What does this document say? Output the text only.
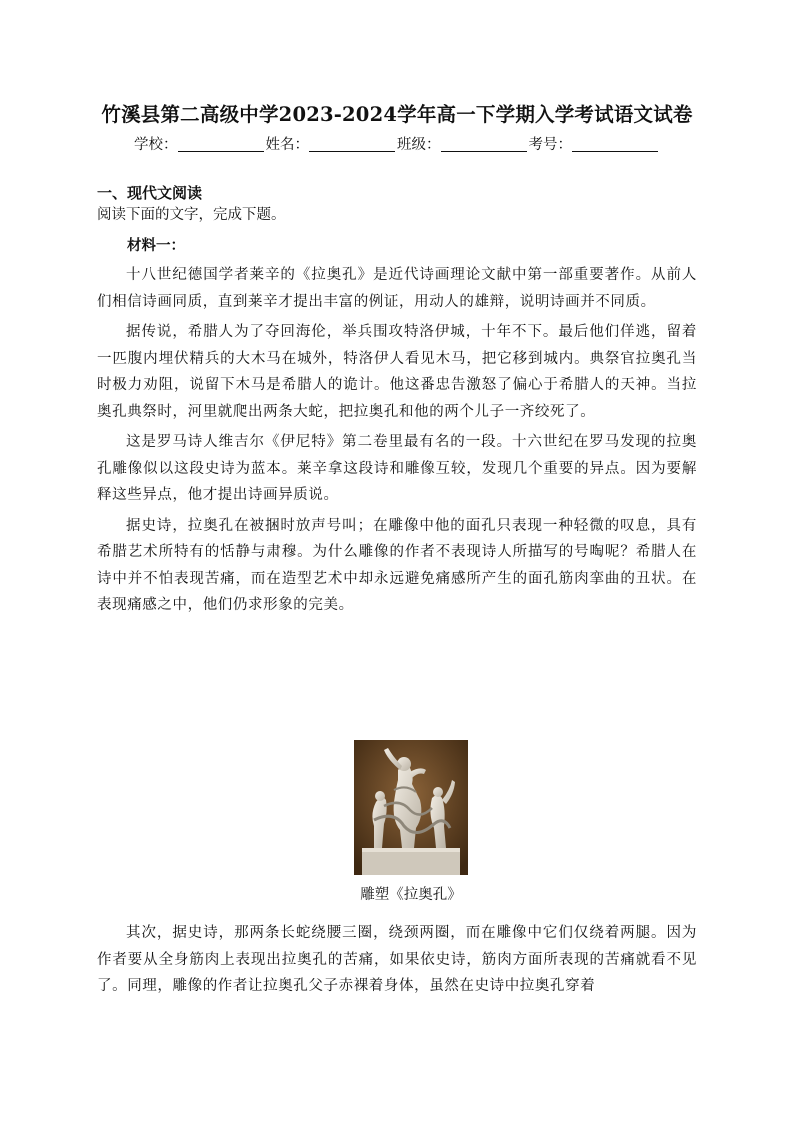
竹溪县第二高级中学2023-2024学年高一下学期入学考试语文试卷
学校：	姓名：	班级：	考号：
一、现代文阅读
阅读下面的文字，完成下题。
材料一：

十八世纪德国学者莱辛的《拉奥孔》是近代诗画理论文献中第一部重要著作。从前人们相信诗画同质，直到莱辛才提出丰富的例证，用动人的雄辩，说明诗画并不同质。

据传说，希腊人为了夺回海伦，举兵围攻特洛伊城，十年不下。最后他们佯逃，留着一匹腹内埋伏精兵的大木马在城外，特洛伊人看见木马，把它移到城内。典祭官拉奥孔当时极力劝阻，说留下木马是希腊人的诡计。他这番忠告激怒了偏心于希腊人的天神。当拉奥孔典祭时，河里就爬出两条大蛇，把拉奥孔和他的两个儿子一齐绞死了。

这是罗马诗人维吉尔《伊尼特》第二卷里最有名的一段。十六世纪在罗马发现的拉奥孔雕像似以这段史诗为蓝本。莱辛拿这段诗和雕像互较，发现几个重要的异点。因为要解释这些异点，他才提出诗画异质说。

据史诗，拉奥孔在被捆时放声号叫；在雕像中他的面孔只表现一种轻微的叹息，具有希腊艺术所特有的恬静与肃穆。为什么雕像的作者不表现诗人所描写的号啕呢？希腊人在诗中并不怕表现苦痛，而在造型艺术中却永远避免痛感所产生的面孔筋肉挛曲的丑状。在表现痛感之中，他们仍求形象的完美。

雕塑《拉奥孔》

其次，据史诗，那两条长蛇绕腰三圈，绕颈两圈，而在雕像中它们仅绕着两腿。因为作者要从全身筋肉上表现出拉奥孔的苦痛，如果依史诗，筋肉方面所表现的苦痛就看不见了。同理，雕像的作者让拉奥孔父子赤裸着身体，虽然在史诗中拉奥孔穿着
